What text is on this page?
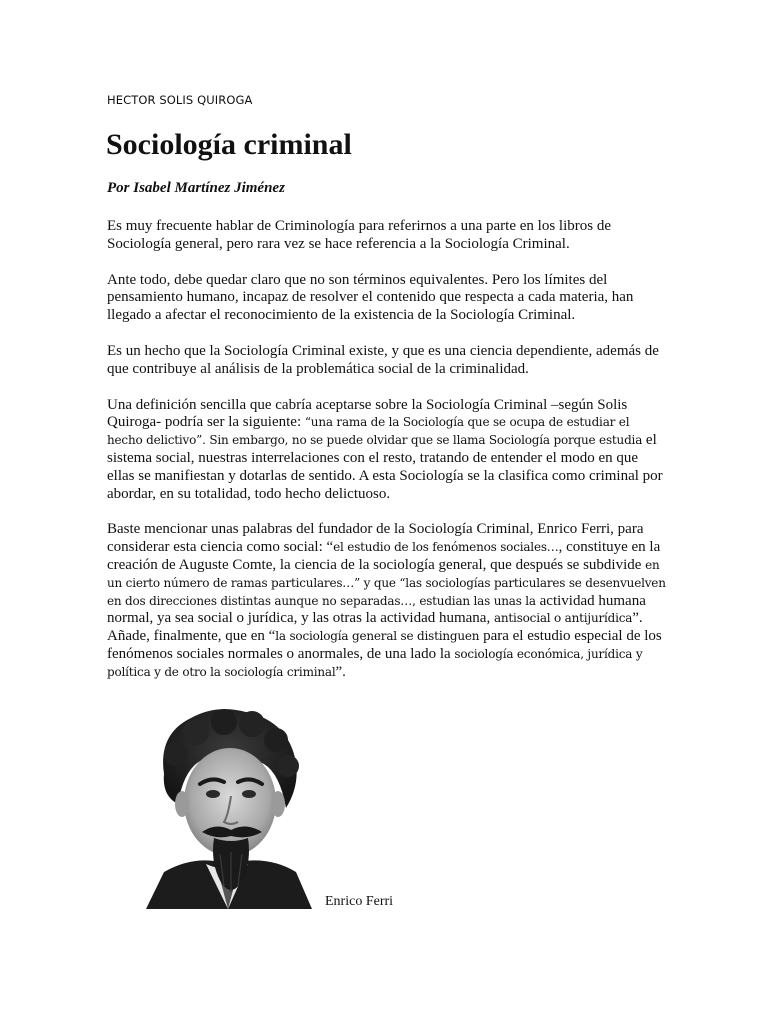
HECTOR SOLIS QUIROGA
Sociología criminal
Por Isabel Martínez Jiménez

Es muy frecuente hablar de Criminología para referirnos a una parte en los libros de Sociología general, pero rara vez se hace referencia a la Sociología Criminal.

Ante todo, debe quedar claro que no son términos equivalentes. Pero los límites del pensamiento humano, incapaz de resolver el contenido que respecta a cada materia, han llegado a afectar el reconocimiento de la existencia de la Sociología Criminal.

Es un hecho que la Sociología Criminal existe, y que es una ciencia dependiente, además de que contribuye al análisis de la problemática social de la criminalidad.

Una definición sencilla que cabría aceptarse sobre la Sociología Criminal –según Solis Quiroga- podría ser la siguiente: “una rama de la Sociología que se ocupa de estudiar el hecho delictivo”. Sin embargo, no se puede olvidar que se llama Sociología porque estudia el sistema social, nuestras interrelaciones con el resto, tratando de entender el modo en que ellas se manifiestan y dotarlas de sentido. A esta Sociología se la clasifica como criminal por abordar, en su totalidad, todo hecho delictuoso.

Baste mencionar unas palabras del fundador de la Sociología Criminal, Enrico Ferri, para considerar esta ciencia como social: “el estudio de los fenómenos sociales…, constituye en la creación de Auguste Comte, la ciencia de la sociología general, que después se subdivide en un cierto número de ramas particulares…” y que “las sociologías particulares se desenvuelven en dos direcciones distintas aunque no separadas…, estudian las unas la actividad humana normal, ya sea social o jurídica, y las otras la actividad humana, antisocial o antijurídica”. Añade, finalmente, que en “la sociología general se distinguen para el estudio especial de los fenómenos sociales normales o anormales, de una lado la sociología económica, jurídica y política y de otro la sociología criminal”.

Enrico Ferri
